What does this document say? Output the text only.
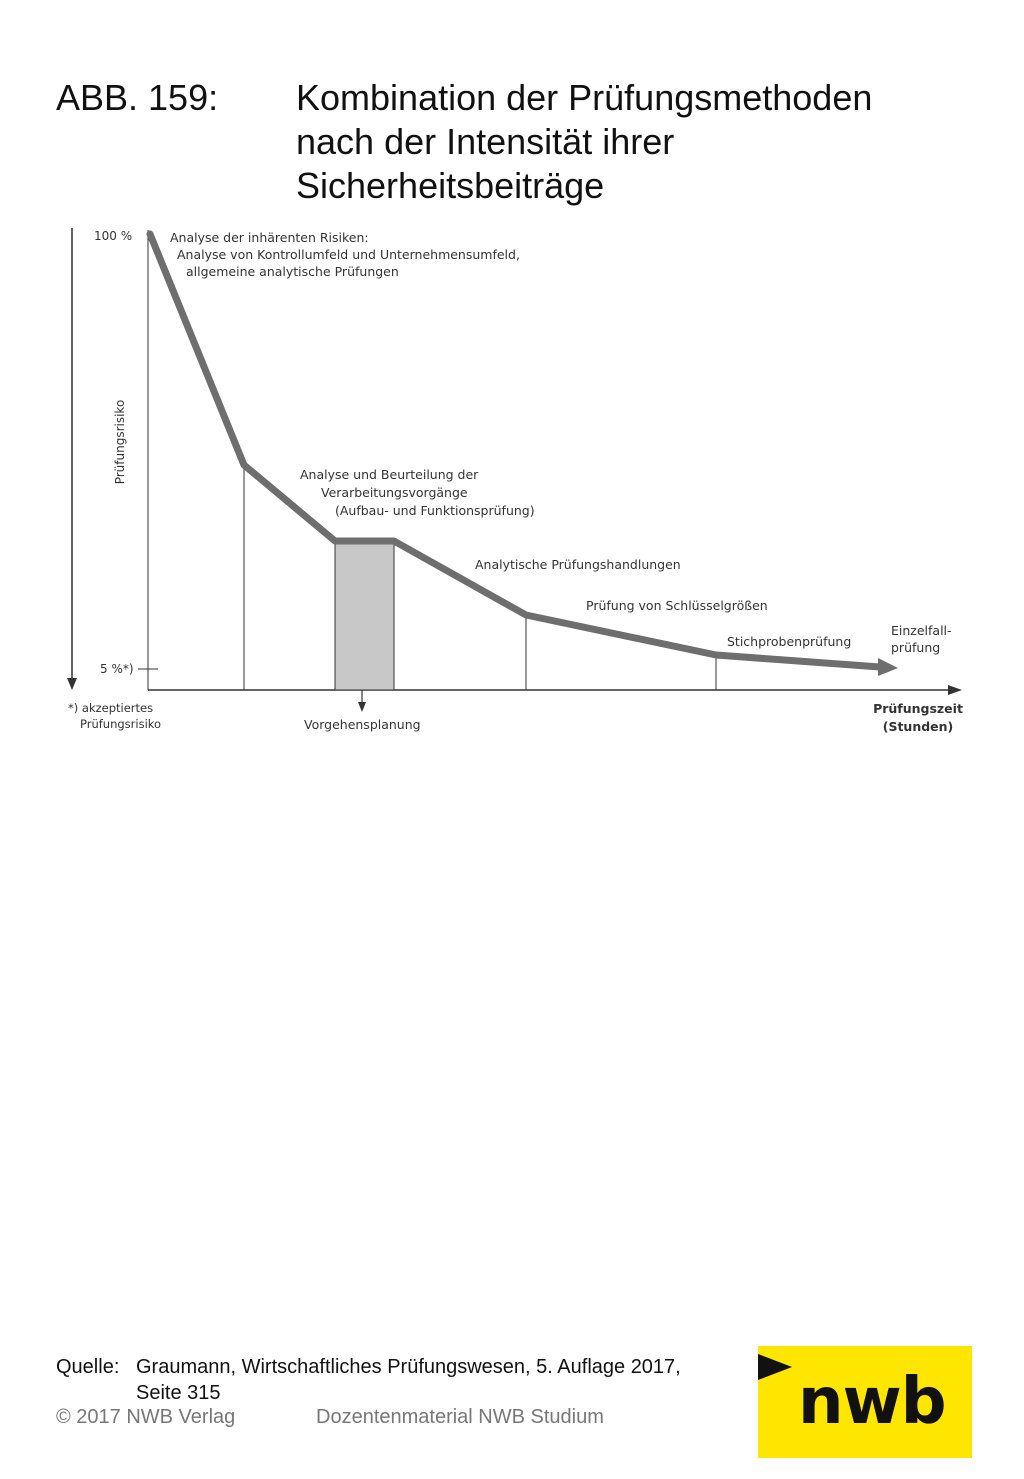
ABB. 159: Kombination der Prüfungsmethoden
nach der Intensität ihrer
Sicherheitsbeiträge
100 %
5 %*)
Prüfungsrisiko
*) akzeptiertes
Prüfungsrisiko
Analyse der inhärenten Risiken:
Analyse von Kontrollumfeld und Unternehmensumfeld,
allgemeine analytische Prüfungen
Analyse und Beurteilung der
Verarbeitungsvorgänge
(Aufbau- und Funktionsprüfung)
Analytische Prüfungshandlungen
Prüfung von Schlüsselgrößen
Stichprobenprüfung
Einzelfall-
prüfung
Vorgehensplanung
Prüfungszeit
(Stunden)
Quelle: Graumann, Wirtschaftliches Prüfungswesen, 5. Auflage 2017,
Seite 315
© 2017 NWB Verlag	Dozentenmaterial NWB Studium	nwb
